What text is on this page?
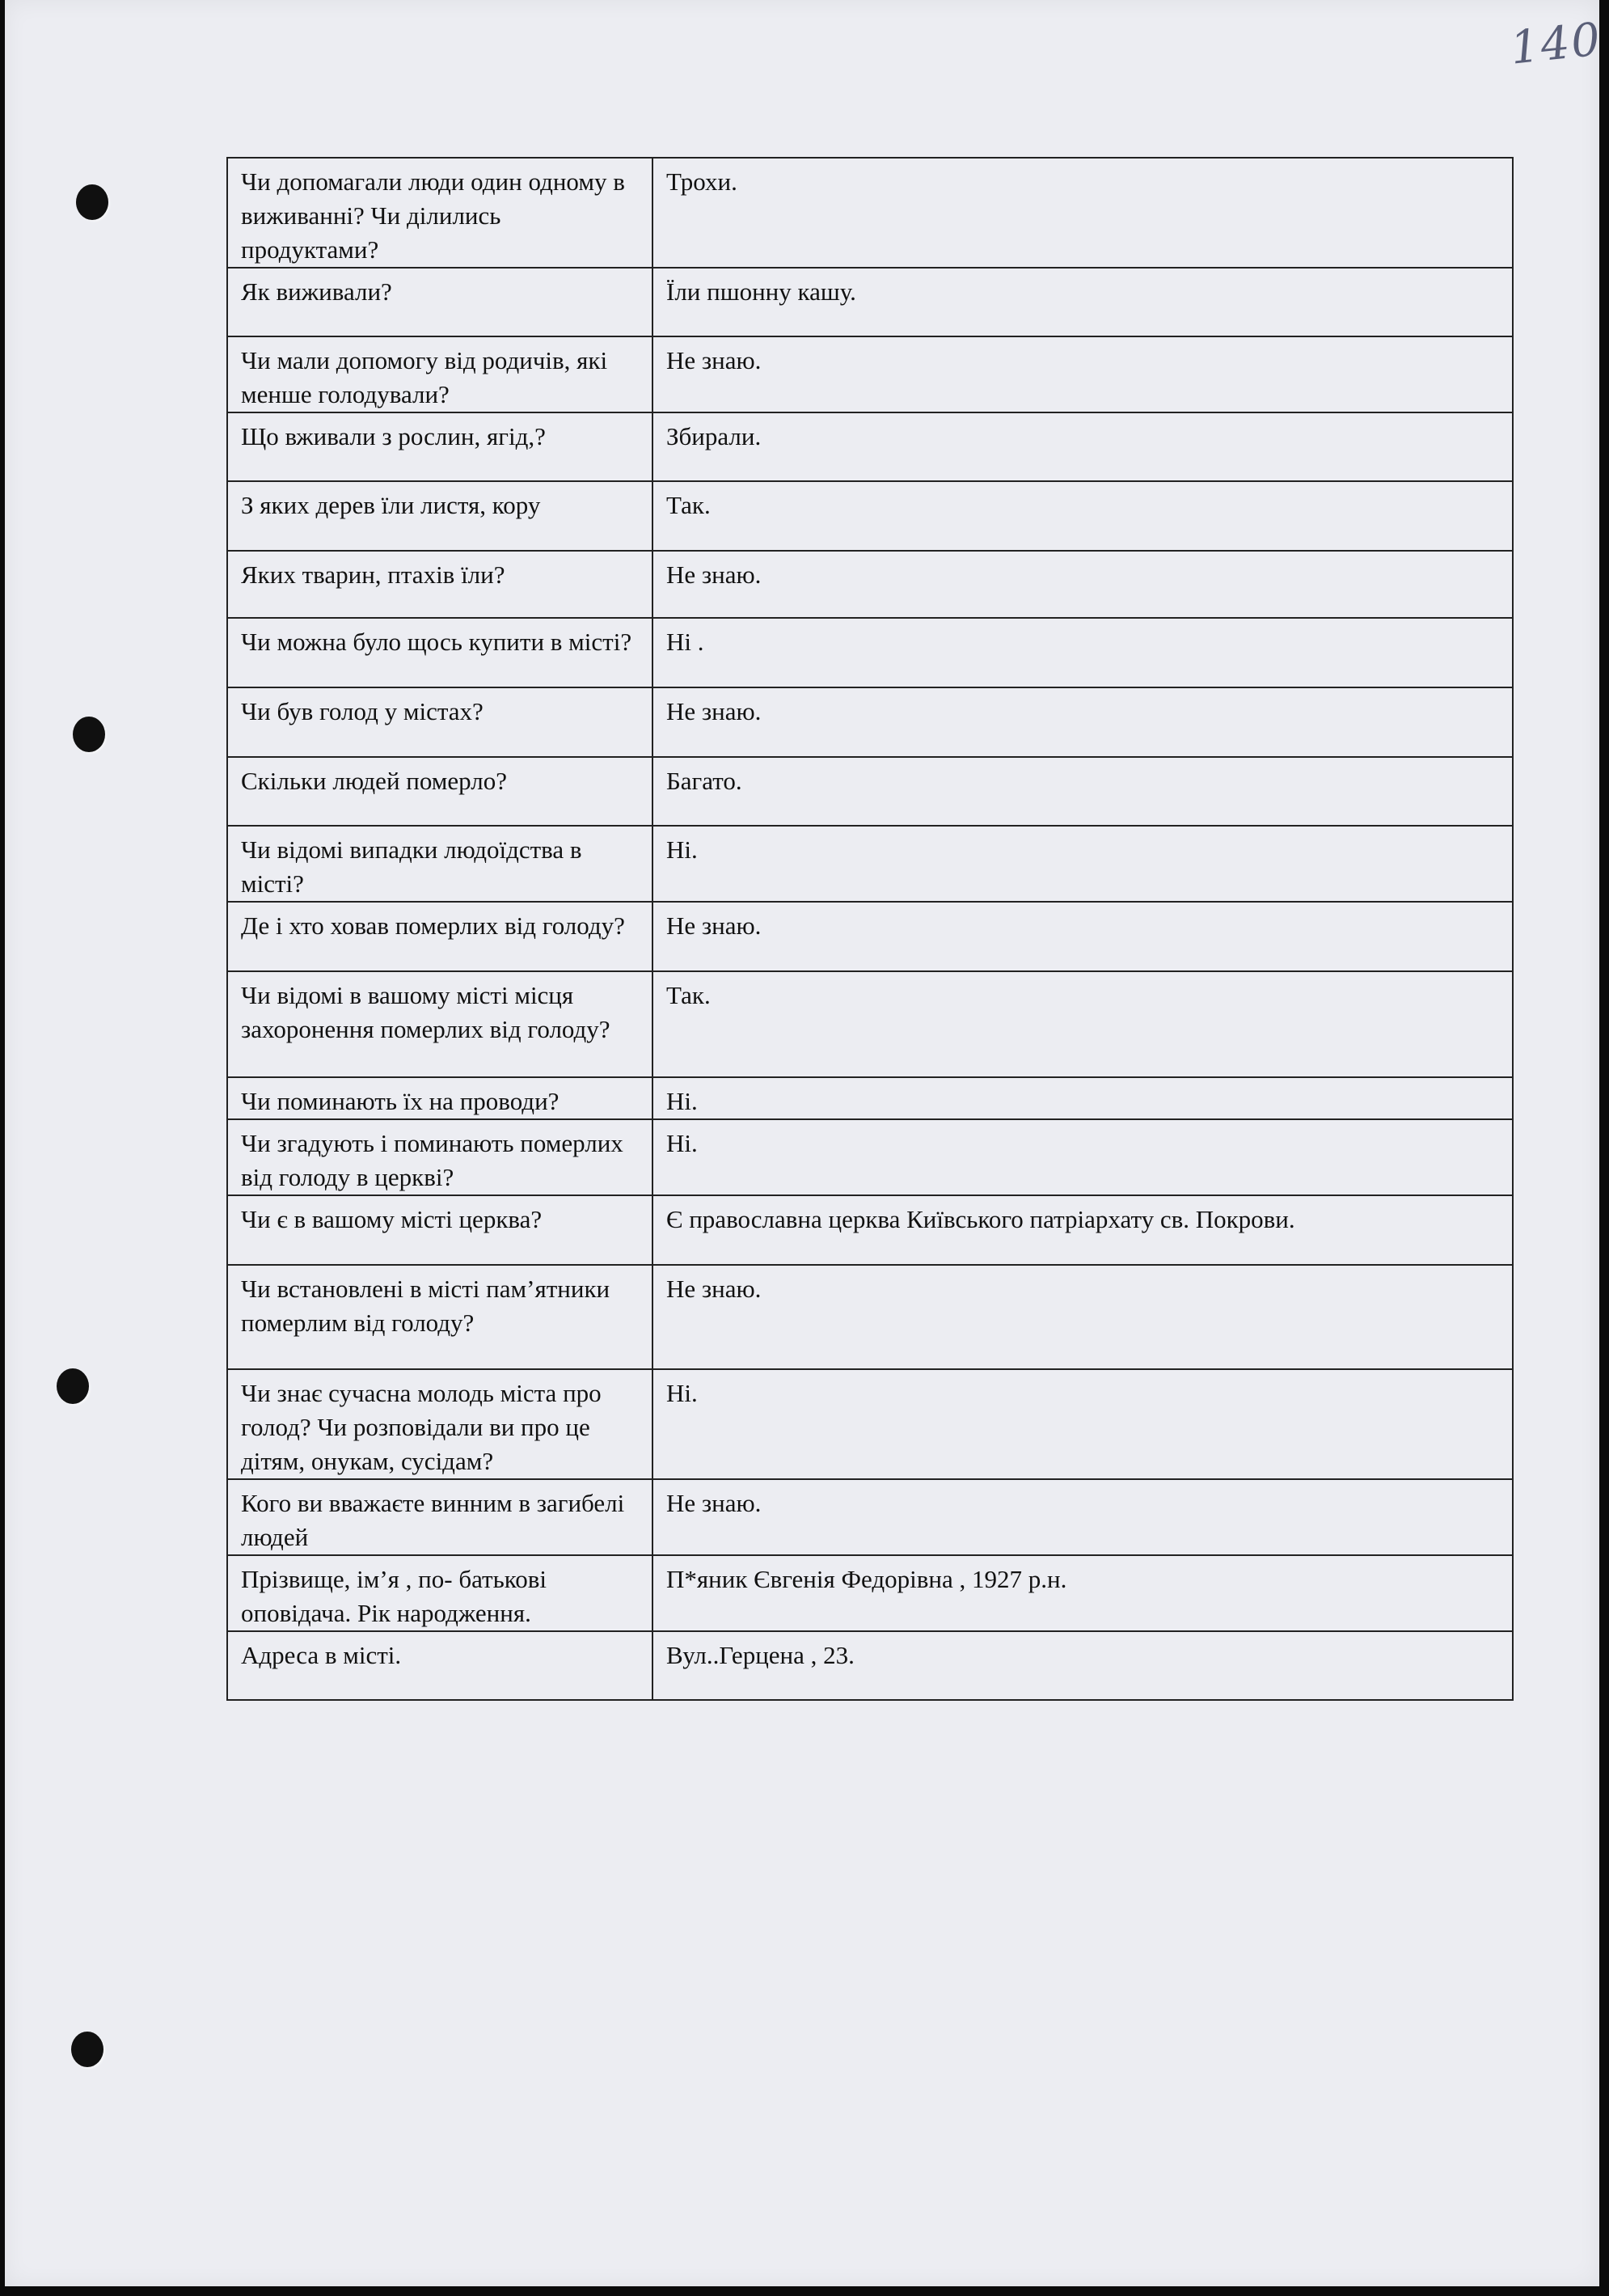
140
Чи допомагали люди один одному в виживанні? Чи ділились продуктами?	Трохи.
Як виживали?	Їли пшонну кашу.
Чи мали допомогу від родичів, які менше голодували?	Не знаю.
Що вживали з рослин, ягід,?	Збирали.
З яких дерев їли листя, кору	Так.
Яких тварин, птахів їли?	Не знаю.
Чи можна було щось купити в місті?	Ні .
Чи був голод у містах?	Не знаю.
Скільки людей померло?	Багато.
Чи відомі випадки людоїдства в місті?	Ні.
Де і хто ховав померлих від голоду?	Не знаю.
Чи відомі в вашому місті місця захоронення померлих від голоду?	Так.
Чи поминають їх на проводи?	Ні.
Чи згадують і поминають померлих від голоду в церкві?	Ні.
Чи є в вашому місті церква?	Є православна церква Київського патріархату св. Покрови.
Чи встановлені в місті пам’ятники померлим від голоду?	Не знаю.
Чи знає сучасна молодь міста про голод? Чи розповідали ви про це дітям, онукам, сусідам?	Ні.
Кого ви вважаєте винним в загибелі людей	Не знаю.
Прізвище, ім’я , по- батькові оповідача. Рік народження.	П*яник Євгенія Федорівна , 1927 р.н.
Адреса в місті.	Вул..Герцена , 23.
